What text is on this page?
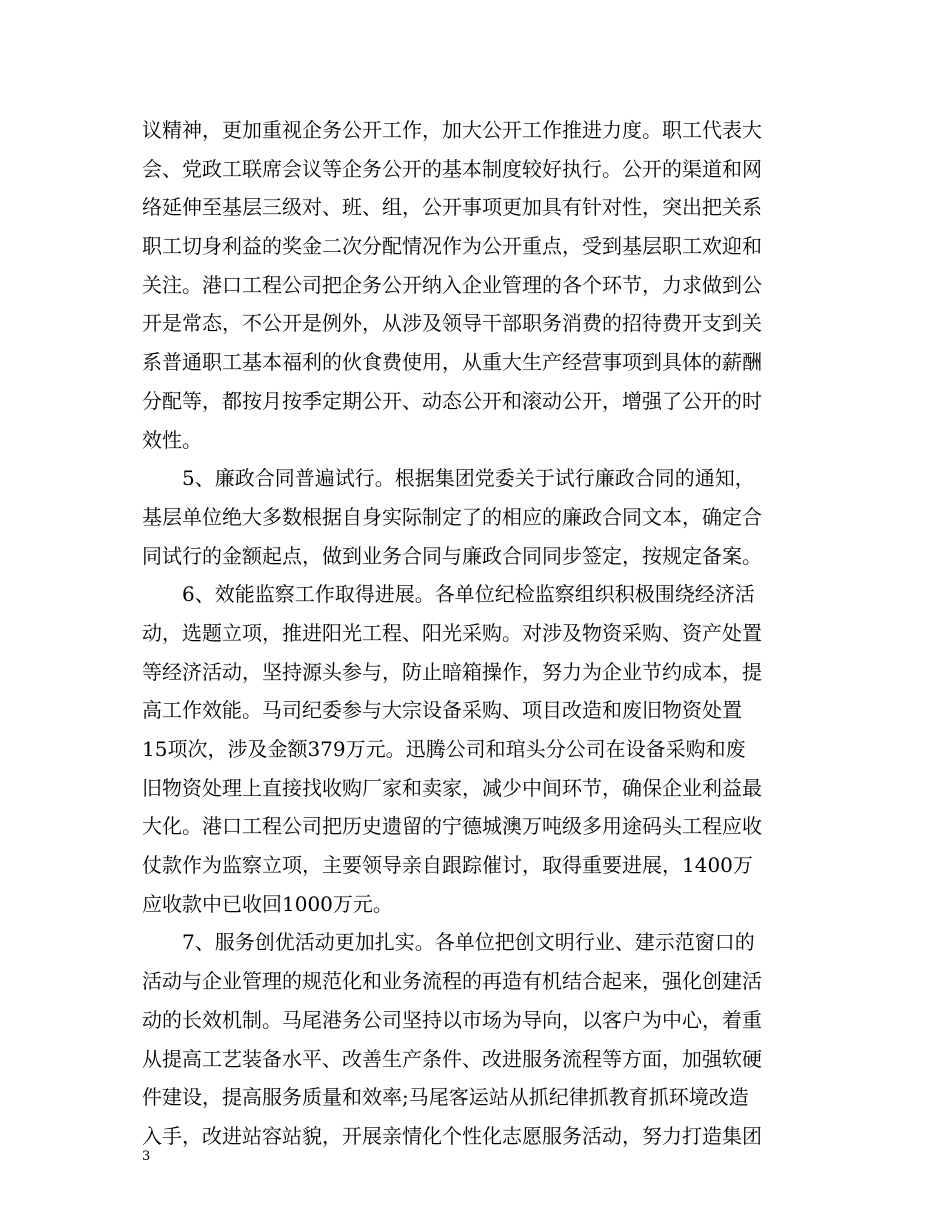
议精神，更加重视企务公开工作，加大公开工作推进力度。职工代表大
会、党政工联席会议等企务公开的基本制度较好执行。公开的渠道和网
络延伸至基层三级对、班、组，公开事项更加具有针对性，突出把关系
职工切身利益的奖金二次分配情况作为公开重点，受到基层职工欢迎和
关注。港口工程公司把企务公开纳入企业管理的各个环节，力求做到公
开是常态，不公开是例外，从涉及领导干部职务消费的招待费开支到关
系普通职工基本福利的伙食费使用，从重大生产经营事项到具体的薪酬
分配等，都按月按季定期公开、动态公开和滚动公开，增强了公开的时
效性。
5、廉政合同普遍试行。根据集团党委关于试行廉政合同的通知，
基层单位绝大多数根据自身实际制定了的相应的廉政合同文本，确定合
同试行的金额起点，做到业务合同与廉政合同同步签定，按规定备案。
6、效能监察工作取得进展。各单位纪检监察组织积极围绕经济活
动，选题立项，推进阳光工程、阳光采购。对涉及物资采购、资产处置
等经济活动，坚持源头参与，防止暗箱操作，努力为企业节约成本，提
高工作效能。马司纪委参与大宗设备采购、项目改造和废旧物资处置
15项次，涉及金额379万元。迅腾公司和琯头分公司在设备采购和废
旧物资处理上直接找收购厂家和卖家，减少中间环节，确保企业利益最
大化。港口工程公司把历史遗留的宁德城澳万吨级多用途码头工程应收
仗款作为监察立项，主要领导亲自跟踪催讨，取得重要进展，1400万
应收款中已收回1000万元。
7、服务创优活动更加扎实。各单位把创文明行业、建示范窗口的
活动与企业管理的规范化和业务流程的再造有机结合起来，强化创建活
动的长效机制。马尾港务公司坚持以市场为导向，以客户为中心，着重
从提高工艺装备水平、改善生产条件、改进服务流程等方面，加强软硬
件建设，提高服务质量和效率;马尾客运站从抓纪律抓教育抓环境改造
入手，改进站容站貌，开展亲情化个性化志愿服务活动，努力打造集团
3
